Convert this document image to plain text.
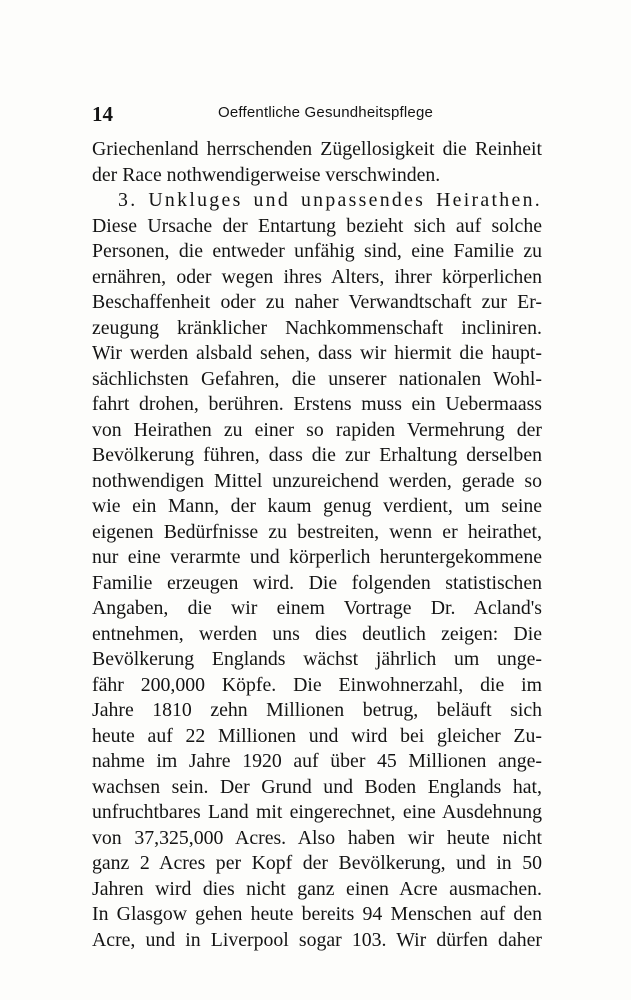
14	Oeffentliche Gesundheitspflege
Griechenland herrschenden Zügellosigkeit die Reinheit
der Race nothwendigerweise verschwinden.
3. Unkluges und unpassendes Heirathen.
Diese Ursache der Entartung bezieht sich auf solche
Personen, die entweder unfähig sind, eine Familie zu
ernähren, oder wegen ihres Alters, ihrer körperlichen
Beschaffenheit oder zu naher Verwandtschaft zur Er-
zeugung kränklicher Nachkommenschaft incliniren.
Wir werden alsbald sehen, dass wir hiermit die haupt-
sächlichsten Gefahren, die unserer nationalen Wohl-
fahrt drohen, berühren. Erstens muss ein Uebermaass
von Heirathen zu einer so rapiden Vermehrung der
Bevölkerung führen, dass die zur Erhaltung derselben
nothwendigen Mittel unzureichend werden, gerade so
wie ein Mann, der kaum genug verdient, um seine
eigenen Bedürfnisse zu bestreiten, wenn er heirathet,
nur eine verarmte und körperlich heruntergekommene
Familie erzeugen wird. Die folgenden statistischen
Angaben, die wir einem Vortrage Dr. Acland's
entnehmen, werden uns dies deutlich zeigen: Die
Bevölkerung Englands wächst jährlich um unge-
fähr 200,000 Köpfe. Die Einwohnerzahl, die im
Jahre 1810 zehn Millionen betrug, beläuft sich
heute auf 22 Millionen und wird bei gleicher Zu-
nahme im Jahre 1920 auf über 45 Millionen ange-
wachsen sein. Der Grund und Boden Englands hat,
unfruchtbares Land mit eingerechnet, eine Ausdehnung
von 37,325,000 Acres. Also haben wir heute nicht
ganz 2 Acres per Kopf der Bevölkerung, und in 50
Jahren wird dies nicht ganz einen Acre ausmachen.
In Glasgow gehen heute bereits 94 Menschen auf den
Acre, und in Liverpool sogar 103. Wir dürfen daher
